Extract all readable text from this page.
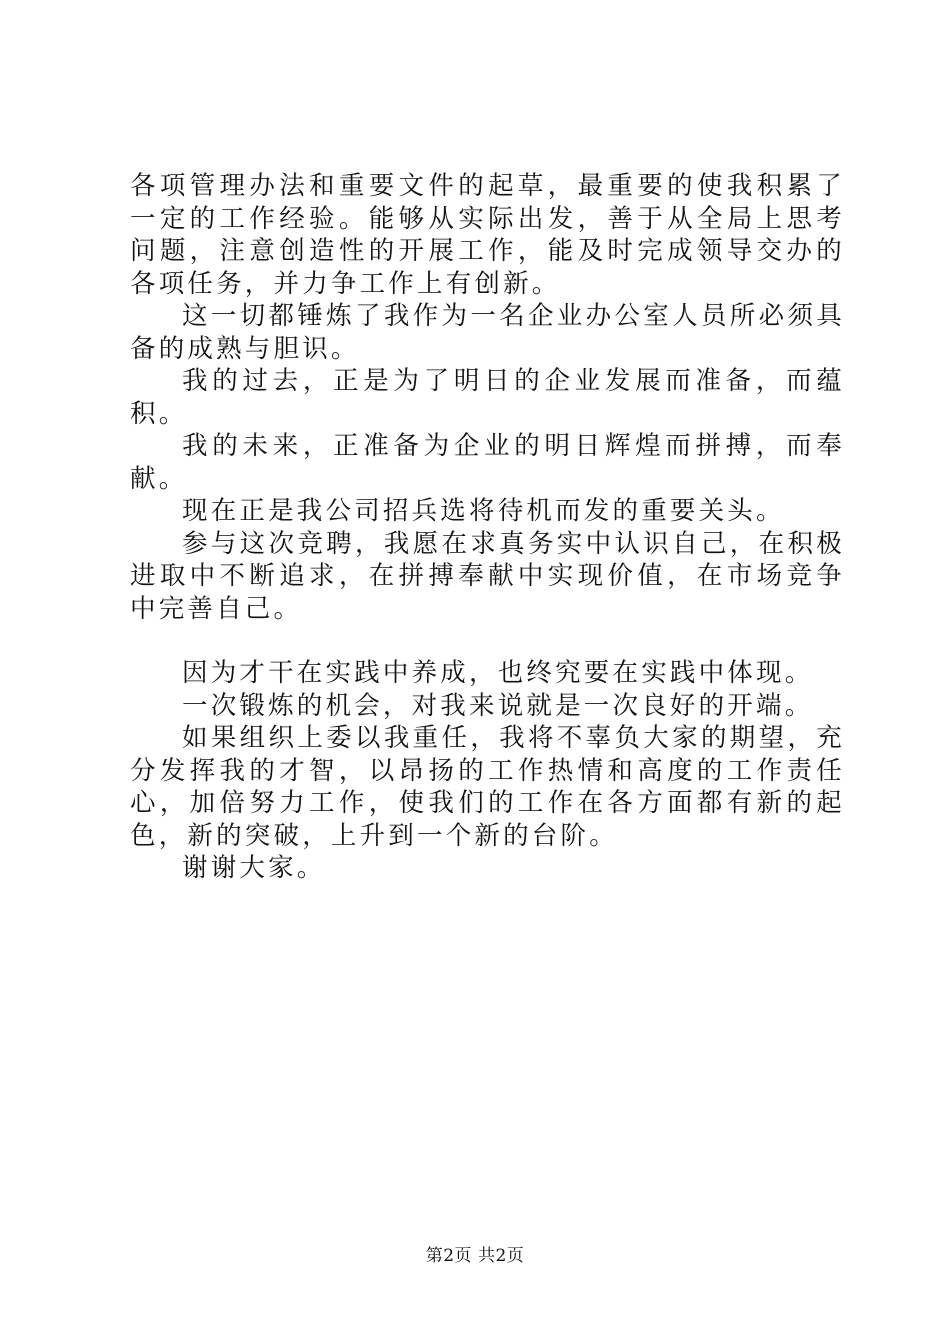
各项管理办法和重要文件的起草，最重要的使我积累了一定的工作经验。能够从实际出发，善于从全局上思考问题，注意创造性的开展工作，能及时完成领导交办的各项任务，并力争工作上有创新。

这一切都锤炼了我作为一名企业办公室人员所必须具备的成熟与胆识。

我的过去，正是为了明日的企业发展而准备，而蕴积。

我的未来，正准备为企业的明日辉煌而拼搏，而奉献。

现在正是我公司招兵选将待机而发的重要关头。

参与这次竞聘，我愿在求真务实中认识自己，在积极进取中不断追求，在拼搏奉献中实现价值，在市场竞争中完善自己。

因为才干在实践中养成，也终究要在实践中体现。

一次锻炼的机会，对我来说就是一次良好的开端。

如果组织上委以我重任，我将不辜负大家的期望，充分发挥我的才智，以昂扬的工作热情和高度的工作责任心，加倍努力工作，使我们的工作在各方面都有新的起色，新的突破，上升到一个新的台阶。

谢谢大家。

第2页 共2页
